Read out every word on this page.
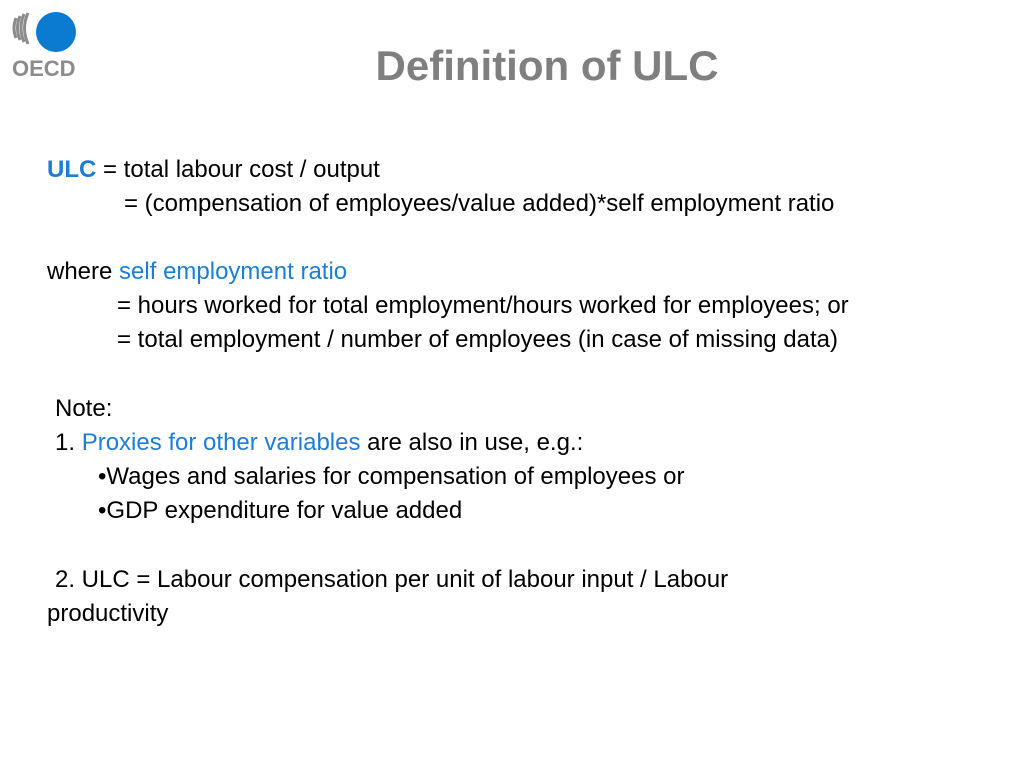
OECD	Definition of ULC
ULC = total labour cost / output
= (compensation of employees/value added)*self employment ratio
where self employment ratio
= hours worked for total employment/hours worked for employees; or
= total employment / number of employees (in case of missing data)
Note:
1. Proxies for other variables are also in use, e.g.:
•Wages and salaries for compensation of employees or
•GDP expenditure for value added
2. ULC = Labour compensation per unit of labour input / Labour
productivity
